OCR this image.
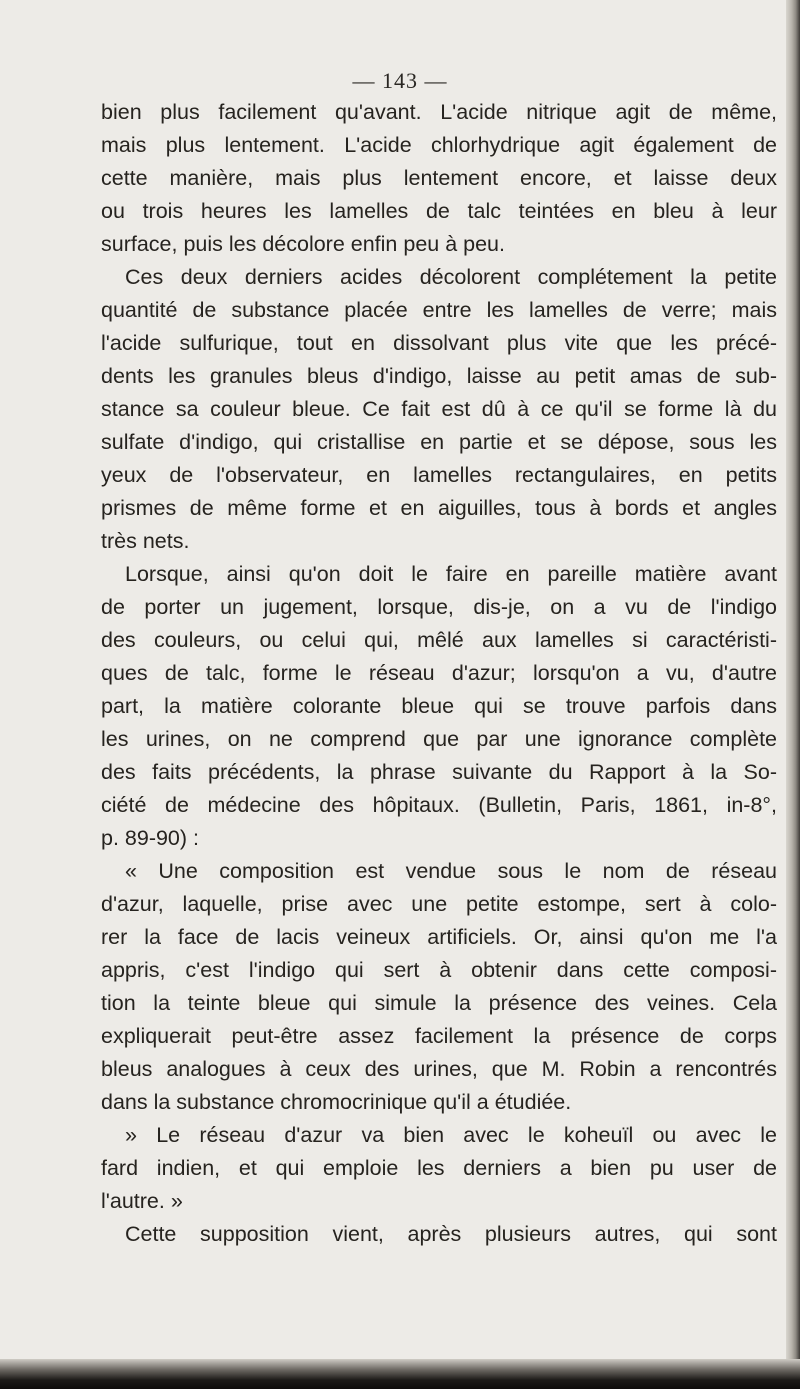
— 143 —
bien plus facilement qu'avant. L'acide nitrique agit de même,
mais plus lentement. L'acide chlorhydrique agit également de
cette manière, mais plus lentement encore, et laisse deux
ou trois heures les lamelles de talc teintées en bleu à leur
surface, puis les décolore enfin peu à peu.
Ces deux derniers acides décolorent complétement la petite
quantité de substance placée entre les lamelles de verre; mais
l'acide sulfurique, tout en dissolvant plus vite que les précé-
dents les granules bleus d'indigo, laisse au petit amas de sub-
stance sa couleur bleue. Ce fait est dû à ce qu'il se forme là du
sulfate d'indigo, qui cristallise en partie et se dépose, sous les
yeux de l'observateur, en lamelles rectangulaires, en petits
prismes de même forme et en aiguilles, tous à bords et angles
très nets.
Lorsque, ainsi qu'on doit le faire en pareille matière avant
de porter un jugement, lorsque, dis-je, on a vu de l'indigo
des couleurs, ou celui qui, mêlé aux lamelles si caractéristi-
ques de talc, forme le réseau d'azur; lorsqu'on a vu, d'autre
part, la matière colorante bleue qui se trouve parfois dans
les urines, on ne comprend que par une ignorance complète
des faits précédents, la phrase suivante du Rapport à la So-
ciété de médecine des hôpitaux. (Bulletin, Paris, 1861, in-8°,
p. 89-90) :
« Une composition est vendue sous le nom de réseau
d'azur, laquelle, prise avec une petite estompe, sert à colo-
rer la face de lacis veineux artificiels. Or, ainsi qu'on me l'a
appris, c'est l'indigo qui sert à obtenir dans cette composi-
tion la teinte bleue qui simule la présence des veines. Cela
expliquerait peut-être assez facilement la présence de corps
bleus analogues à ceux des urines, que M. Robin a rencontrés
dans la substance chromocrinique qu'il a étudiée.
» Le réseau d'azur va bien avec le koheuïl ou avec le
fard indien, et qui emploie les derniers a bien pu user de
l'autre. »
Cette supposition vient, après plusieurs autres, qui sont
